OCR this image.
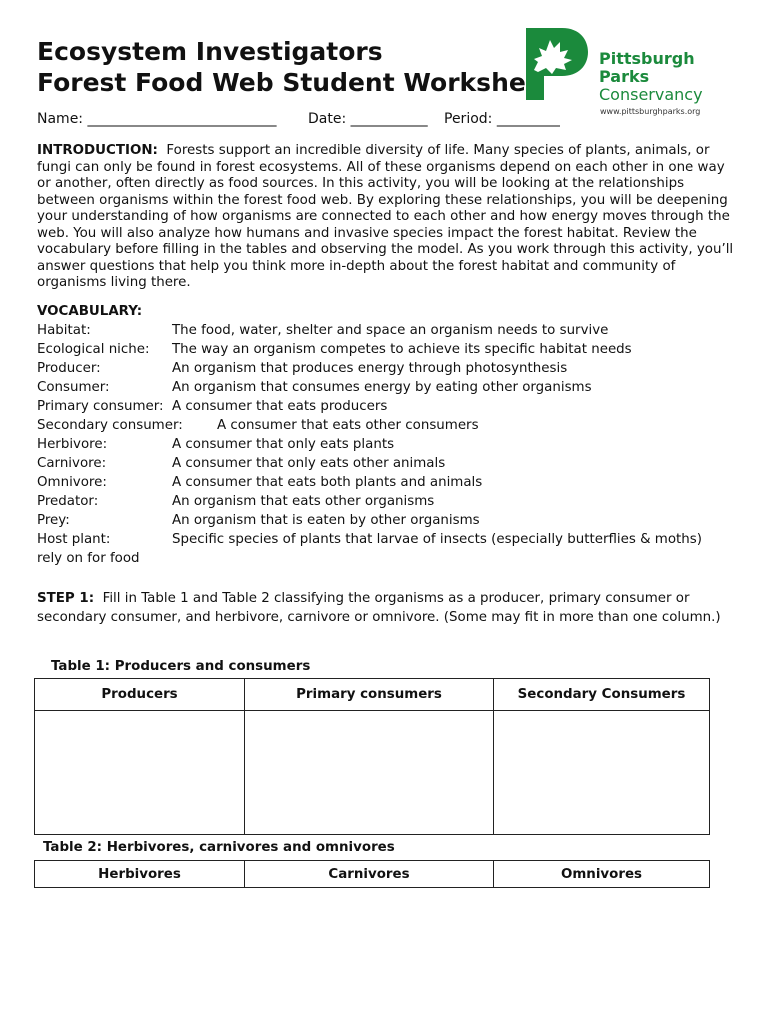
Ecosystem Investigators
Forest Food Web Student Workshe
Pittsburgh
Parks
Conservancy
www.pittsburghparks.org
Name: ___________________________ Date: ___________ Period: _________
INTRODUCTION: Forests support an incredible diversity of life. Many species of plants, animals, or fungi can only be found in forest ecosystems. All of these organisms depend on each other in one way or another, often directly as food sources. In this activity, you will be looking at the relationships between organisms within the forest food web. By exploring these relationships, you will be deepening your understanding of how organisms are connected to each other and how energy moves through the web. You will also analyze how humans and invasive species impact the forest habitat. Review the vocabulary before filling in the tables and observing the model. As you work through this activity, you’ll answer questions that help you think more in-depth about the forest habitat and community of organisms living there.
VOCABULARY:
Habitat:	The food, water, shelter and space an organism needs to survive
Ecological niche: The way an organism competes to achieve its specific habitat needs
Producer:	An organism that produces energy through photosynthesis
Consumer:	An organism that consumes energy by eating other organisms
Primary consumer: A consumer that eats producers
Secondary consumer:	A consumer that eats other consumers
Herbivore:	A consumer that only eats plants
Carnivore:	A consumer that only eats other animals
Omnivore:	A consumer that eats both plants and animals
Predator:	An organism that eats other organisms
Prey:	An organism that is eaten by other organisms
Host plant:	Specific species of plants that larvae of insects (especially butterflies & moths)
rely on for food
STEP 1: Fill in Table 1 and Table 2 classifying the organisms as a producer, primary consumer or secondary consumer, and herbivore, carnivore or omnivore. (Some may fit in more than one column.)
Table 1: Producers and consumers
Producers	Primary consumers	Secondary Consumers

Table 2: Herbivores, carnivores and omnivores
Herbivores	Carnivores	Omnivores
